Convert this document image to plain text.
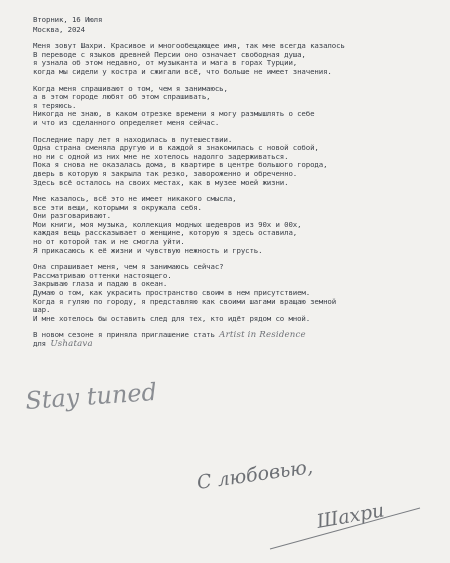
Вторник, 16 Июля
Москва, 2024
Меня зовут Шахри. Красивое и многообещающее имя, так мне всегда казалось
В переводе с языков древней Персии оно означает свободная душа,
я узнала об этом недавно, от музыканта и мага в горах Турции,
когда мы сидели у костра и сжигали всё, что больше не имеет значения.
Когда меня спрашивают о том, чем я занимаюсь,
а в этом городе любят об этом спрашивать,
я теряюсь.
Никогда не знаю, в каком отрезке времени я могу размышлять о себе
и что из сделанного определяет меня сейчас.
Последние пару лет я находилась в путешествии.
Одна страна сменяла другую и в каждой я знакомилась с новой собой,
но ни с одной из них мне не хотелось надолго задерживаться.
Пока я снова не оказалась дома, в квартире в центре большого города,
дверь в которую я закрыла так резко, завороженно и обреченно.
Здесь всё осталось на своих местах, как в музее моей жизни.
Мне казалось, всё это не имеет никакого смысла,
все эти вещи, которыми я окружала себя.
Они разговаривают.
Мои книги, моя музыка, коллекция модных шедевров из 90х и 00х,
каждая вещь рассказывает о женщине, которую я здесь оставила,
но от которой так и не смогла уйти.
Я прикасаюсь к её жизни и чувствую нежность и грусть.
Она спрашивает меня, чем я занимаюсь сейчас?
Рассматриваю оттенки настоящего.
Закрываю глаза и падаю в океан.
Думаю о том, как украсить пространство своим в нем присутствием.
Когда я гуляю по городу, я представляю как своими шагами вращаю земной
шар.
И мне хотелось бы оставить след для тех, кто идёт рядом со мной.
В новом сезоне я приняла приглашение стать Artist in Residence
для Ushatava
Stay tuned
С любовью,
Шахри
